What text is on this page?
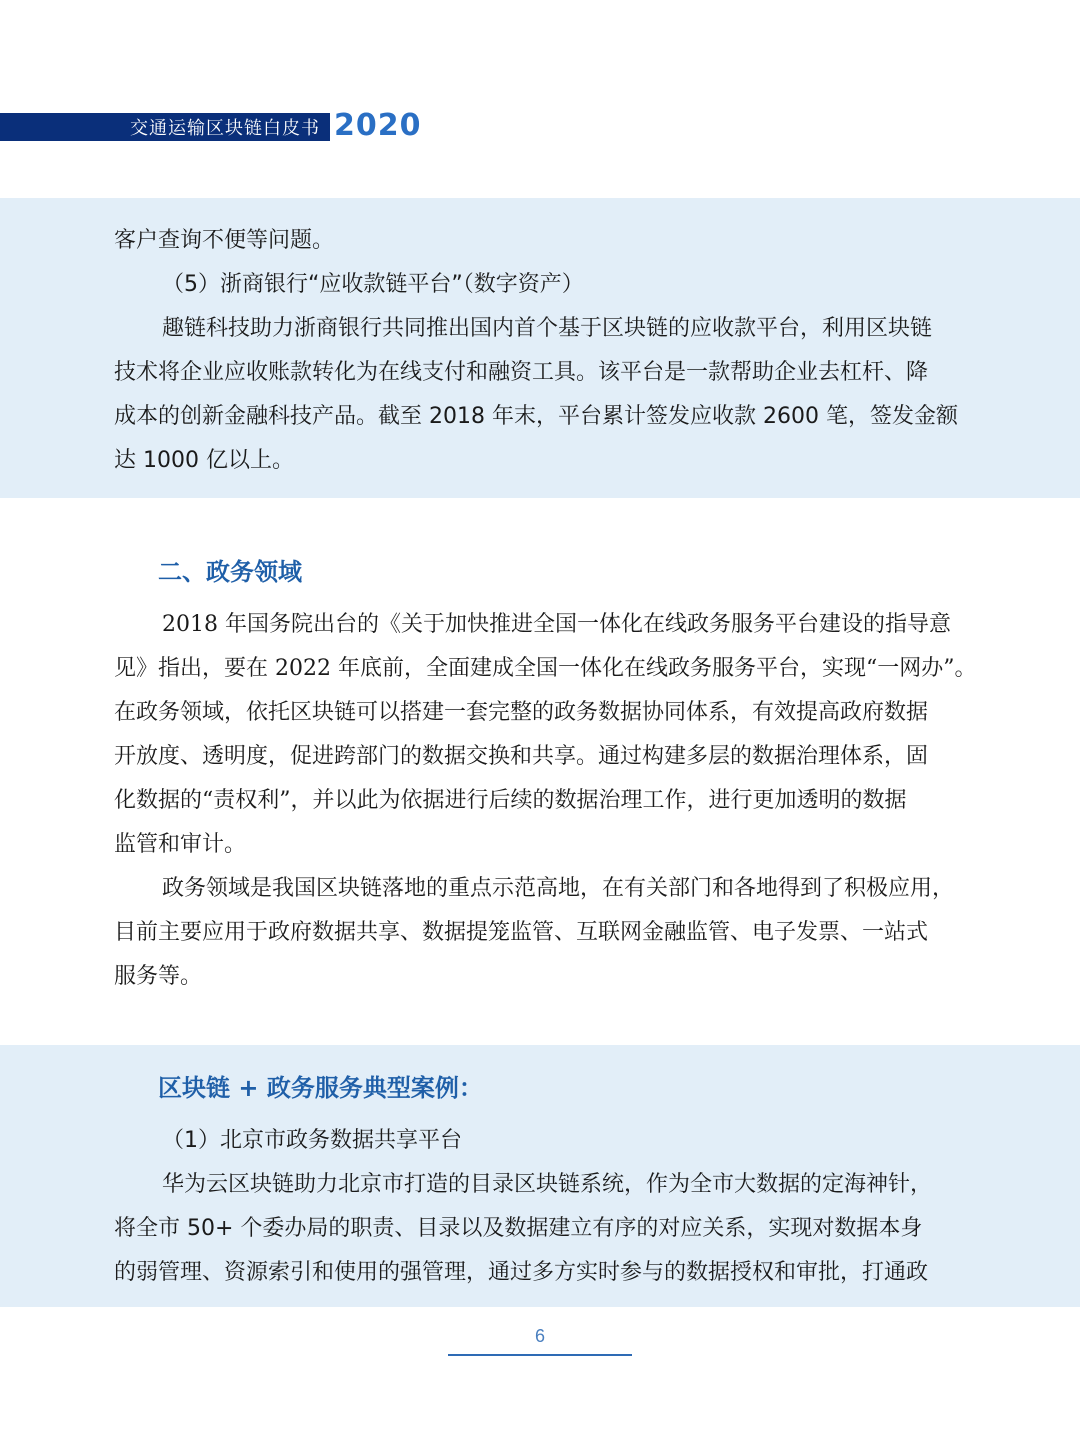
交通运输区块链白皮书 2020
客户查询不便等问题。
（5）浙商银行“应收款链平台”（数字资产）
趣链科技助力浙商银行共同推出国内首个基于区块链的应收款平台，利用区块链
技术将企业应收账款转化为在线支付和融资工具。该平台是一款帮助企业去杠杆、降
成本的创新金融科技产品。截至 2018 年末，平台累计签发应收款 2600 笔，签发金额
达 1000 亿以上。
二、政务领域
2018 年国务院出台的《关于加快推进全国一体化在线政务服务平台建设的指导意
见》指出，要在 2022 年底前，全面建成全国一体化在线政务服务平台，实现“一网办”。
在政务领域，依托区块链可以搭建一套完整的政务数据协同体系，有效提高政府数据
开放度、透明度，促进跨部门的数据交换和共享。通过构建多层的数据治理体系，固
化数据的“责权利”，并以此为依据进行后续的数据治理工作，进行更加透明的数据
监管和审计。
政务领域是我国区块链落地的重点示范高地，在有关部门和各地得到了积极应用，
目前主要应用于政府数据共享、数据提笼监管、互联网金融监管、电子发票、一站式
服务等。
区块链 + 政务服务典型案例：
（1）北京市政务数据共享平台
华为云区块链助力北京市打造的目录区块链系统，作为全市大数据的定海神针，
将全市 50+ 个委办局的职责、目录以及数据建立有序的对应关系，实现对数据本身
的弱管理、资源索引和使用的强管理，通过多方实时参与的数据授权和审批，打通政
6
